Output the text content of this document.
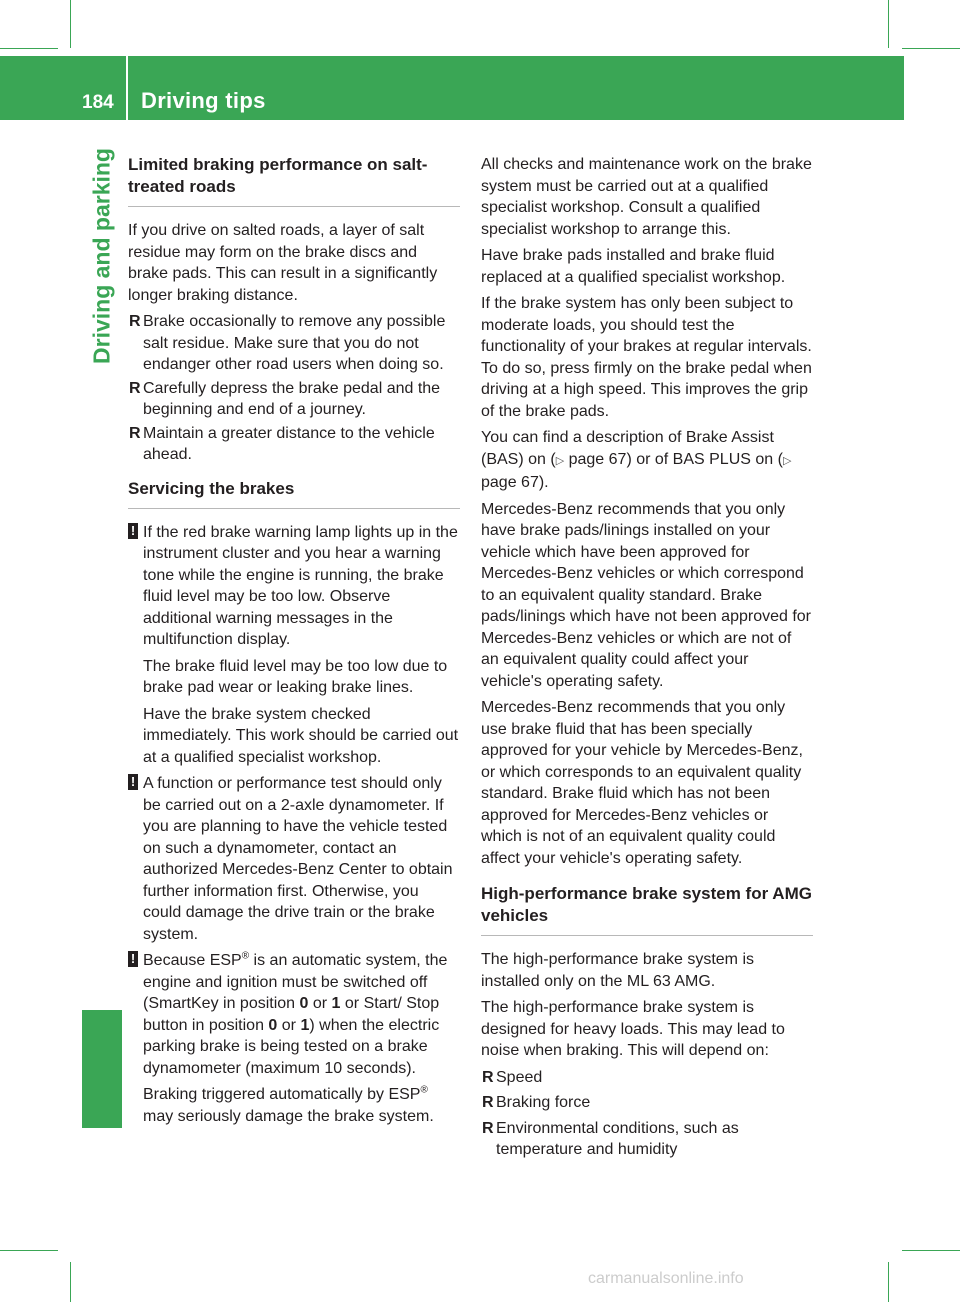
184 Driving tips
Driving and parking Limited braking performance on salt-treated roads

If you drive on salted roads, a layer of salt residue may form on the brake discs and brake pads. This can result in a significantly longer braking distance.

R Brake occasionally to remove any possible salt residue. Make sure that you do not endanger other road users when doing so.
R Carefully depress the brake pedal and the beginning and end of a journey.
R Maintain a greater distance to the vehicle ahead.
Servicing the brakes
! If the red brake warning lamp lights up in the instrument cluster and you hear a warning tone while the engine is running, the brake fluid level may be too low. Observe additional warning messages in the multifunction display.

The brake fluid level may be too low due to brake pad wear or leaking brake lines.

Have the brake system checked immediately. This work should be carried out at a qualified specialist workshop.

! A function or performance test should only be carried out on a 2-axle dynamometer. If you are planning to have the vehicle tested on such a dynamometer, contact an authorized Mercedes-Benz Center to obtain further information first. Otherwise, you could damage the drive train or the brake system.

! Because ESP® is an automatic system, the engine and ignition must be switched off (SmartKey in position 0 or 1 or Start/ Stop button in position 0 or 1) when the electric parking brake is being tested on a brake dynamometer (maximum 10 seconds).

Braking triggered automatically by ESP® may seriously damage the brake system.

All checks and maintenance work on the brake system must be carried out at a qualified specialist workshop. Consult a qualified specialist workshop to arrange this.

Have brake pads installed and brake fluid replaced at a qualified specialist workshop.

If the brake system has only been subject to moderate loads, you should test the functionality of your brakes at regular intervals. To do so, press firmly on the brake pedal when driving at a high speed. This improves the grip of the brake pads.

You can find a description of Brake Assist (BAS) on (▷ page 67) or of BAS PLUS on (▷ page 67).

Mercedes-Benz recommends that you only have brake pads/linings installed on your vehicle which have been approved for Mercedes-Benz vehicles or which correspond to an equivalent quality standard. Brake pads/linings which have not been approved for Mercedes-Benz vehicles or which are not of an equivalent quality could affect your vehicle's operating safety.

Mercedes-Benz recommends that you only use brake fluid that has been specially approved for your vehicle by Mercedes-Benz, or which corresponds to an equivalent quality standard. Brake fluid which has not been approved for Mercedes-Benz vehicles or which is not of an equivalent quality could affect your vehicle's operating safety.

High-performance brake system for AMG vehicles

The high-performance brake system is installed only on the ML 63 AMG.

The high-performance brake system is designed for heavy loads. This may lead to noise when braking. This will depend on:

R Speed
R Braking force
R Environmental conditions, such as temperature and humidity
carmanualsonline.info
